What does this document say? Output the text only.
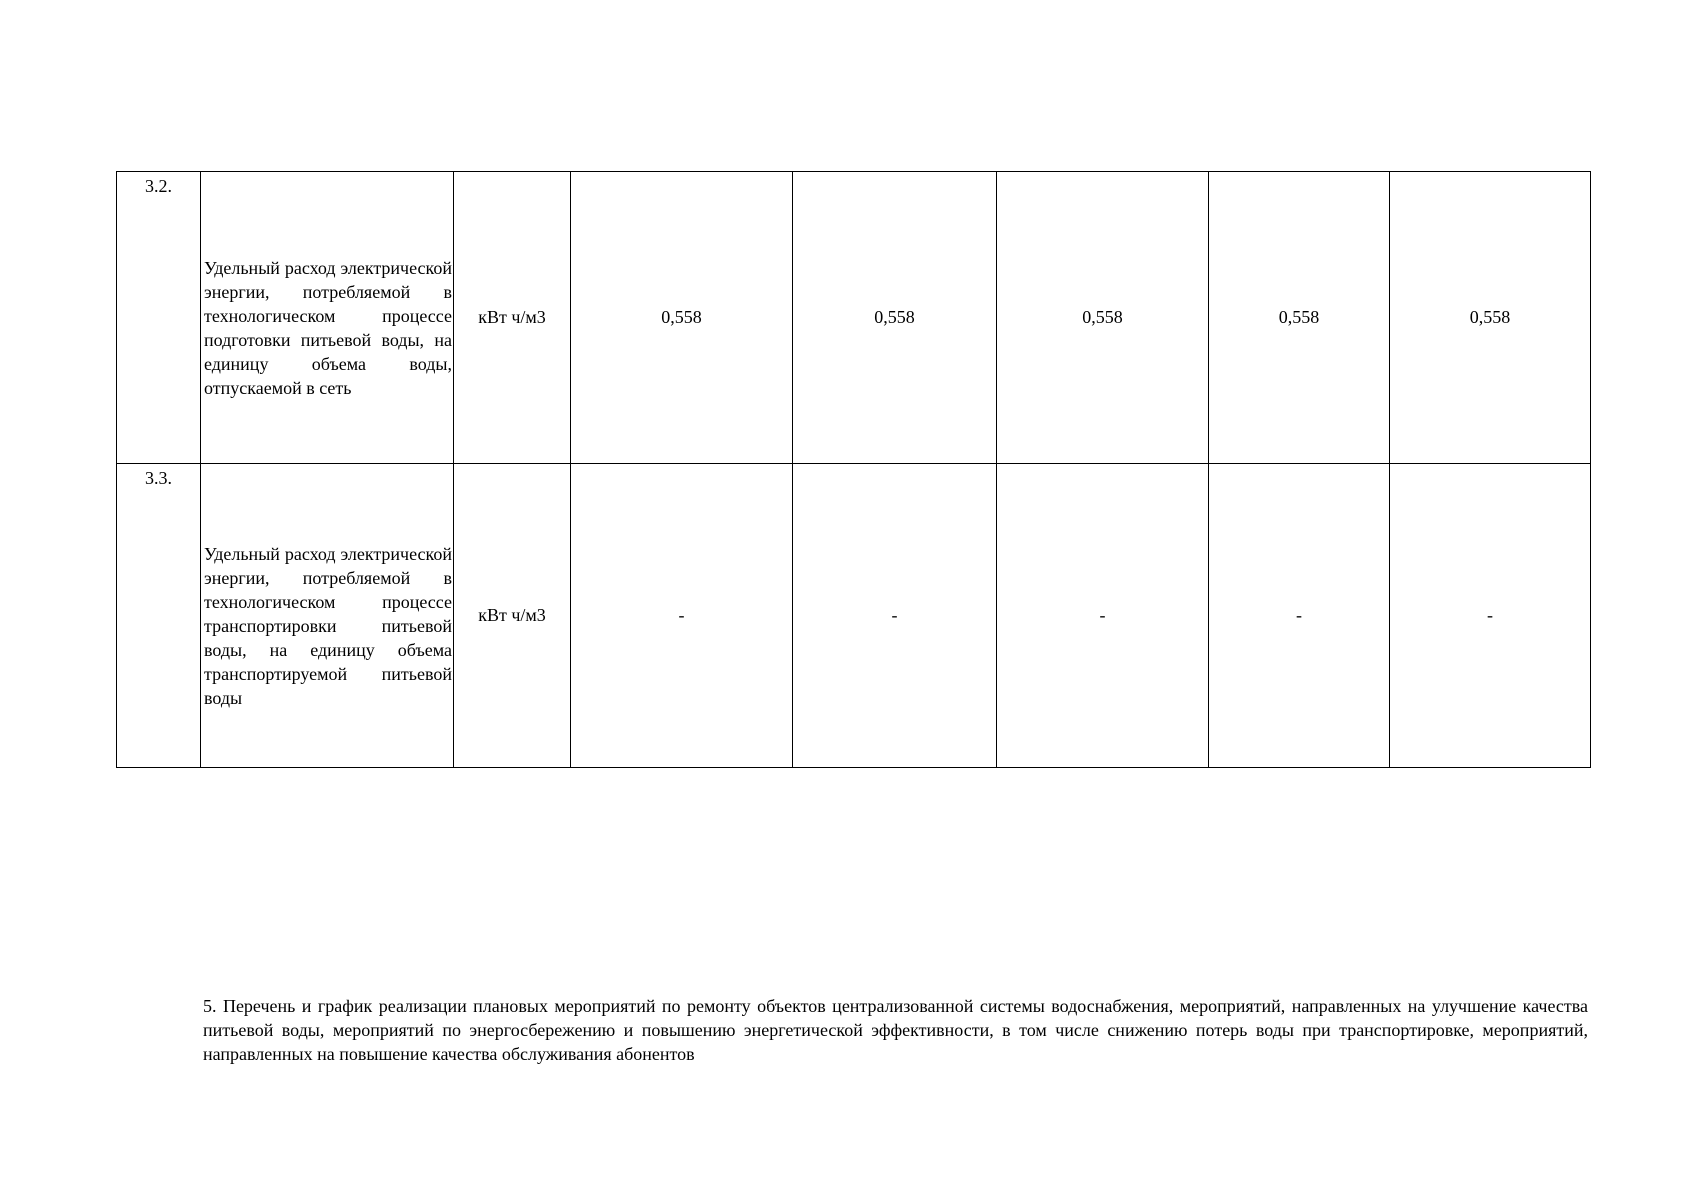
3.2.	Удельный расход электрической энергии, потребляемой в технологическом процессе подготовки питьевой воды, на единицу объема воды, отпускаемой в сеть	кВт ч/м3	0,558	0,558	0,558	0,558	0,558
3.3.	Удельный расход электрической энергии, потребляемой в технологическом процессе транспортировки питьевой воды, на единицу объема транспортируемой питьевой воды	кВт ч/м3	-	-	-	-	-

5. Перечень и график реализации плановых мероприятий по ремонту объектов централизованной системы водоснабжения, мероприятий, направленных на улучшение качества питьевой воды, мероприятий по энергосбережению и повышению энергетической эффективности, в том числе снижению потерь воды при транспортировке, мероприятий, направленных на повышение качества обслуживания абонентов
